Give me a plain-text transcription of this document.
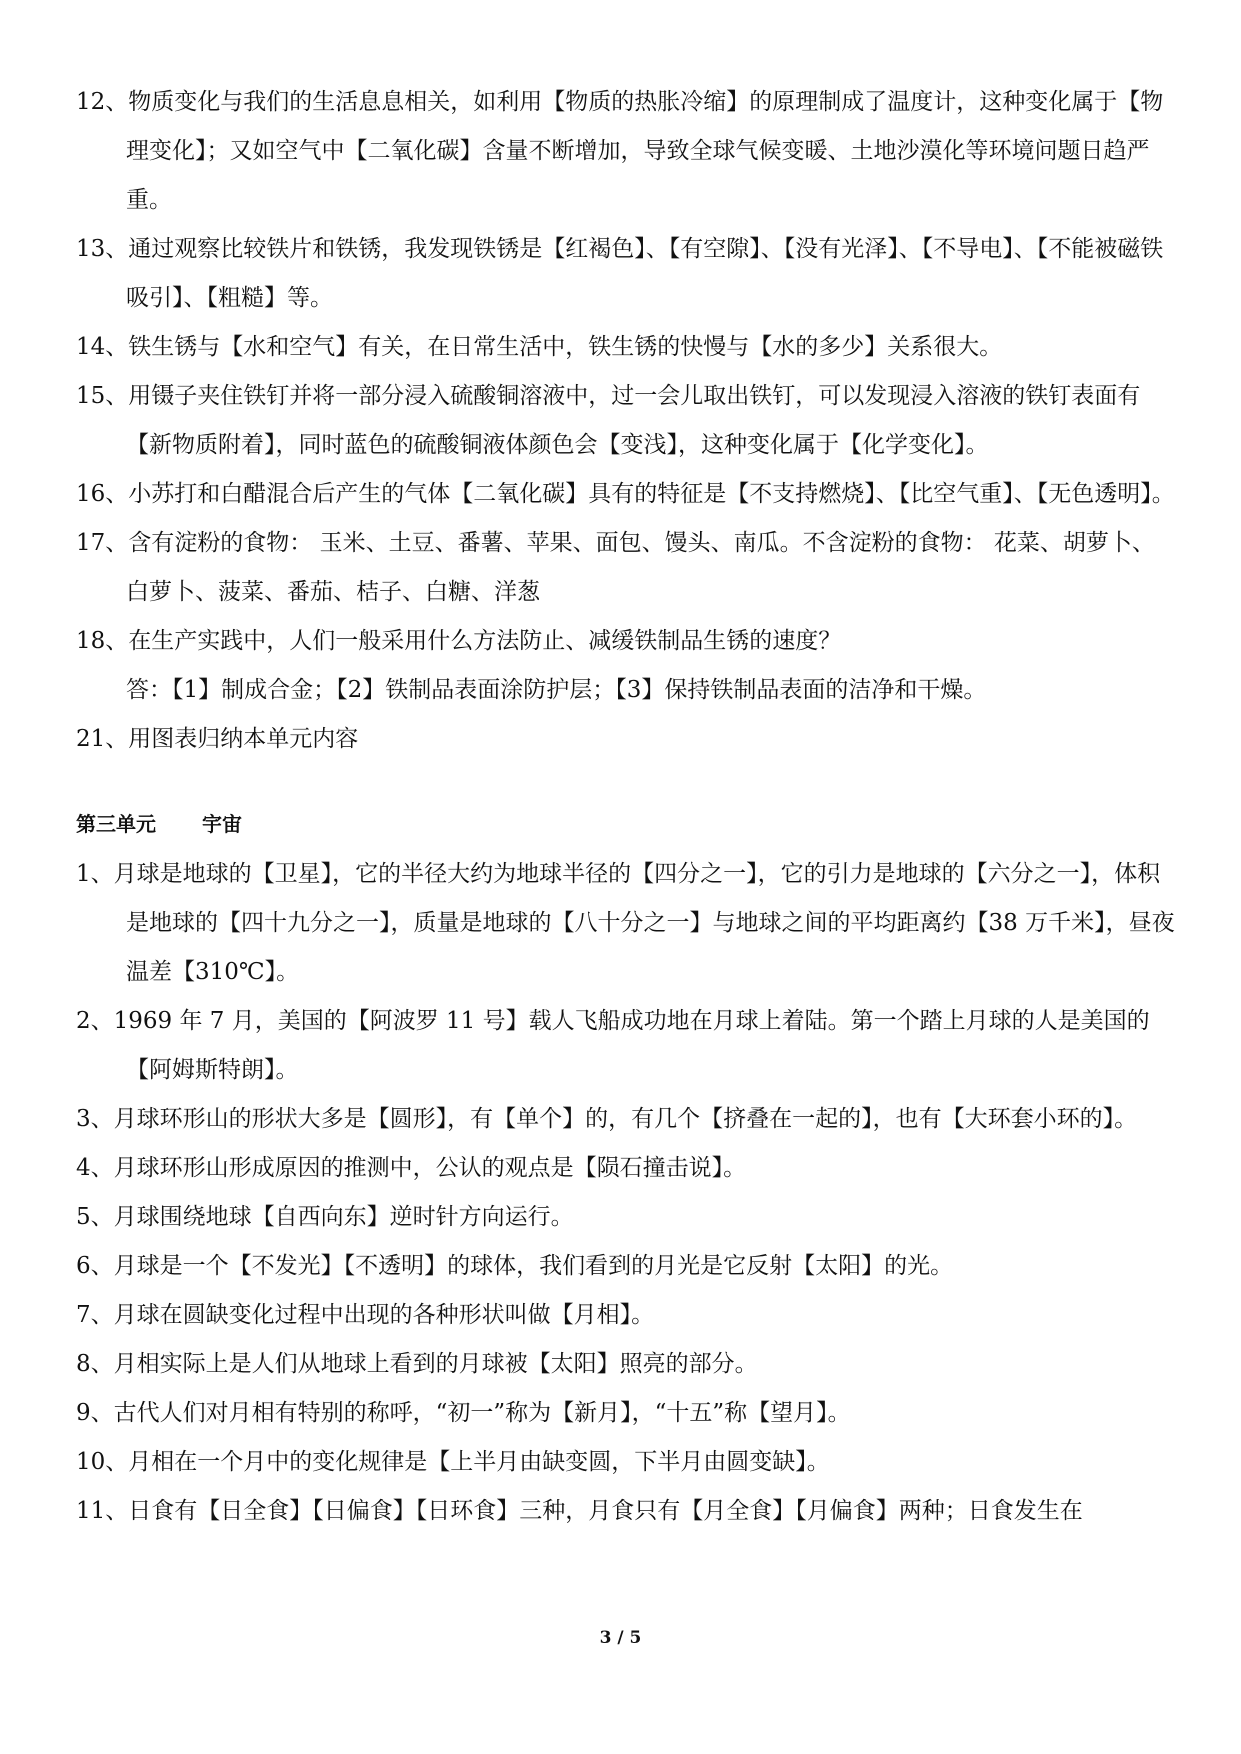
12、物质变化与我们的生活息息相关，如利用【物质的热胀冷缩】的原理制成了温度计，这种变化属于【物理变化】；又如空气中【二氧化碳】含量不断增加，导致全球气候变暖、土地沙漠化等环境问题日趋严重。

13、通过观察比较铁片和铁锈，我发现铁锈是【红褐色】、【有空隙】、【没有光泽】、【不导电】、【不能被磁铁吸引】、【粗糙】等。

14、铁生锈与【水和空气】有关，在日常生活中，铁生锈的快慢与【水的多少】关系很大。

15、用镊子夹住铁钉并将一部分浸入硫酸铜溶液中，过一会儿取出铁钉，可以发现浸入溶液的铁钉表面有【新物质附着】，同时蓝色的硫酸铜液体颜色会【变浅】，这种变化属于【化学变化】。

16、小苏打和白醋混合后产生的气体【二氧化碳】具有的特征是【不支持燃烧】、【比空气重】、【无色透明】。

17、含有淀粉的食物： 玉米、土豆、番薯、苹果、面包、馒头、南瓜。不含淀粉的食物： 花菜、胡萝卜、白萝卜、菠菜、番茄、桔子、白糖、洋葱

18、在生产实践中，人们一般采用什么方法防止、减缓铁制品生锈的速度？

答：【1】制成合金；【2】铁制品表面涂防护层；【3】保持铁制品表面的洁净和干燥。

21、用图表归纳本单元内容

第三单元 宇宙

1、月球是地球的【卫星】，它的半径大约为地球半径的【四分之一】，它的引力是地球的【六分之一】，体积是地球的【四十九分之一】，质量是地球的【八十分之一】与地球之间的平均距离约【38 万千米】，昼夜温差【310℃】。

2、1969 年 7 月，美国的【阿波罗 11 号】载人飞船成功地在月球上着陆。第一个踏上月球的人是美国的【阿姆斯特朗】。

3、月球环形山的形状大多是【圆形】，有【单个】的，有几个【挤叠在一起的】，也有【大环套小环的】。

4、月球环形山形成原因的推测中，公认的观点是【陨石撞击说】。

5、月球围绕地球【自西向东】逆时针方向运行。

6、月球是一个【不发光】【不透明】的球体，我们看到的月光是它反射【太阳】的光。

7、月球在圆缺变化过程中出现的各种形状叫做【月相】。

8、月相实际上是人们从地球上看到的月球被【太阳】照亮的部分。

9、古代人们对月相有特别的称呼，“初一”称为【新月】，“十五”称【望月】。

10、月相在一个月中的变化规律是【上半月由缺变圆，下半月由圆变缺】。

11、日食有【日全食】【日偏食】【日环食】三种，月食只有【月全食】【月偏食】两种；日食发生在

3 / 5
